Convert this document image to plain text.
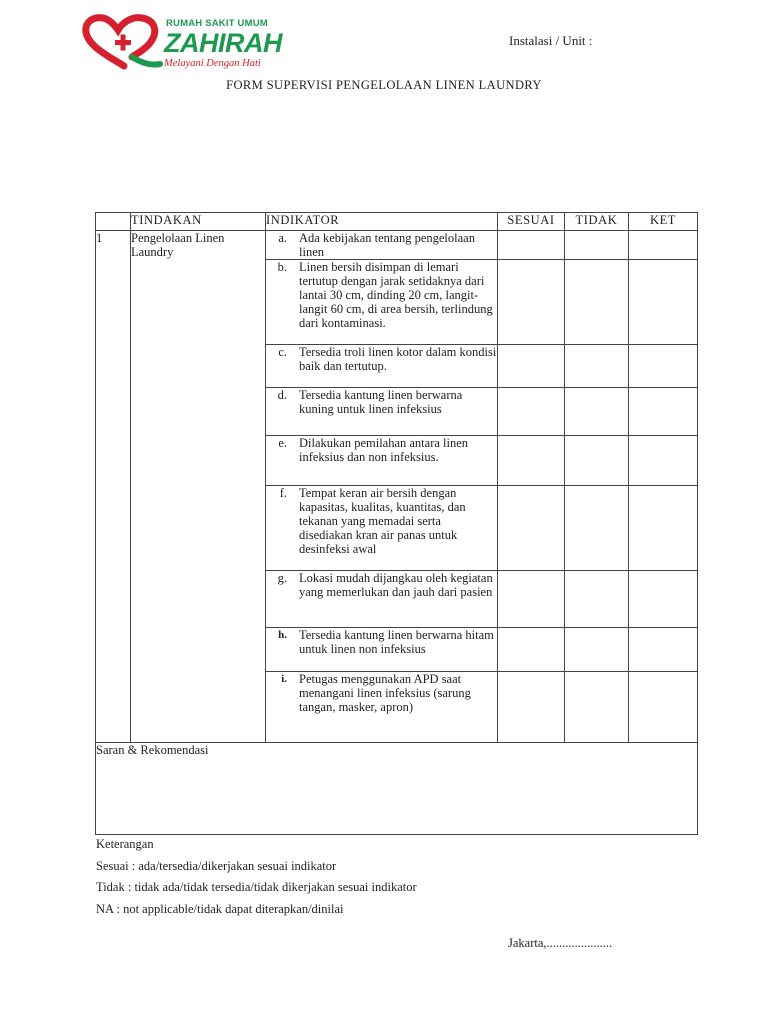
RUMAH SAKIT UMUM
ZAHIRAH
Melayani Dengan Hati
Instalasi / Unit :
FORM SUPERVISI PENGELOLAAN LINEN LAUNDRY
	TINDAKAN	INDIKATOR	SESUAI	TIDAK	KET
1	Pengelolaan Linen Laundry	a. Ada kebijakan tentang pengelolaan linen			

		b. Linen bersih disimpan di lemari tertutup dengan jarak setidaknya dari lantai 30 cm, dinding 20 cm, langit-langit 60 cm, di area bersih, terlindung dari kontaminasi.			

		c. Tersedia troli linen kotor dalam kondisi baik dan tertutup.			

		d. Tersedia kantung linen berwarna kuning untuk linen infeksius			

		e. Dilakukan pemilahan antara linen infeksius dan non infeksius.			

		f. Tempat keran air bersih dengan kapasitas, kualitas, kuantitas, dan tekanan yang memadai serta disediakan kran air panas untuk desinfeksi awal			

		g. Lokasi mudah dijangkau oleh kegiatan yang memerlukan dan jauh dari pasien			

		h. Tersedia kantung linen berwarna hitam untuk linen non infeksius			

		i. Petugas menggunakan APD saat menangani linen infeksius (sarung tangan, masker, apron)			

Saran & Rekomendasi					
Keterangan
Sesuai : ada/tersedia/dikerjakan sesuai indikator
Tidak : tidak ada/tidak tersedia/tidak dikerjakan sesuai indikator
NA : not applicable/tidak dapat diterapkan/dinilai
Jakarta,.....................
